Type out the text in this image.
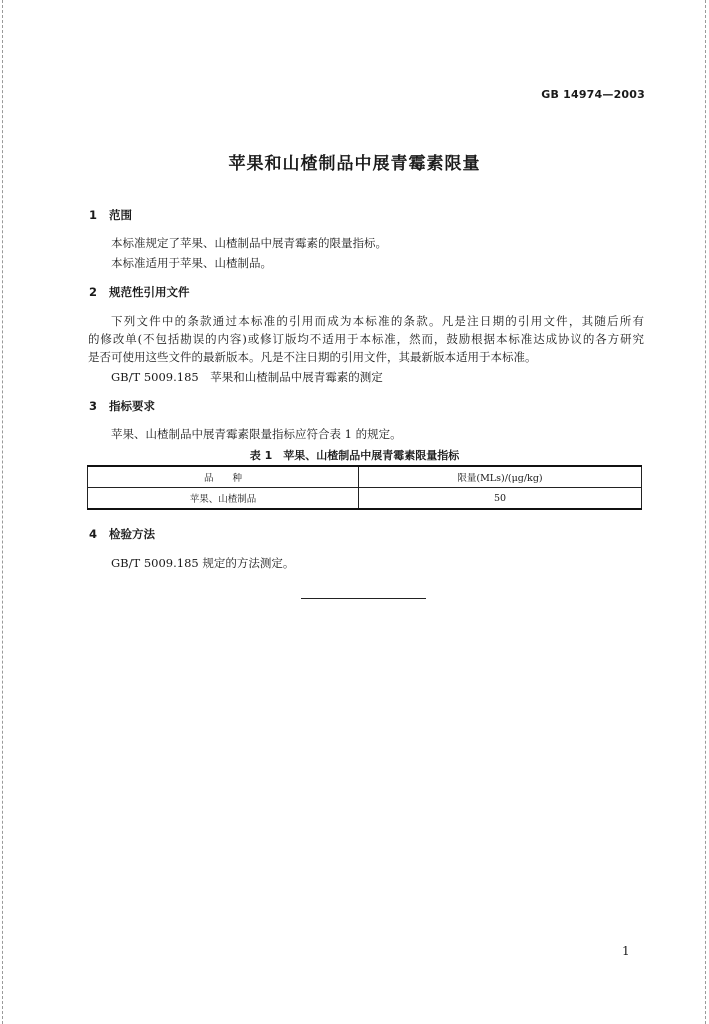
GB 14974—2003
苹果和山楂制品中展青霉素限量
1 范围
本标准规定了苹果、山楂制品中展青霉素的限量指标。
本标准适用于苹果、山楂制品。
2 规范性引用文件
下列文件中的条款通过本标准的引用而成为本标准的条款。凡是注日期的引用文件，其随后所有
的修改单(不包括勘误的内容)或修订版均不适用于本标准，然而，鼓励根据本标准达成协议的各方研究
是否可使用这些文件的最新版本。凡是不注日期的引用文件，其最新版本适用于本标准。
GB/T 5009.185　苹果和山楂制品中展青霉素的测定
3 指标要求
苹果、山楂制品中展青霉素限量指标应符合表 1 的规定。
表 1　苹果、山楂制品中展青霉素限量指标
品　　种	限量(MLs)/(μg/kg)
苹果、山楂制品	50
4 检验方法
GB/T 5009.185 规定的方法测定。
1
